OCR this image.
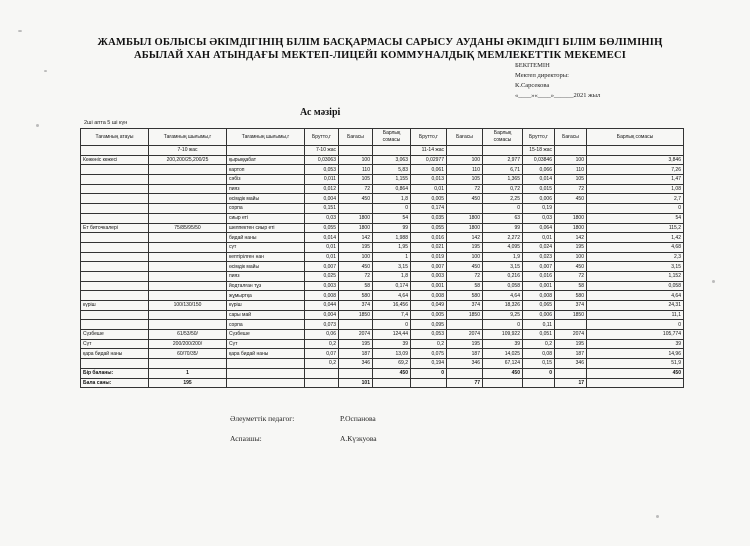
ЖАМБЫЛ ОБЛЫСЫ ӘКІМДІГІНІҢ БІЛІМ БАСҚАРМАСЫ САРЫСУ АУДАНЫ ӘКІМДІГІ БІЛІМ БӨЛІМІНІҢ
АБЫЛАЙ ХАН АТЫНДАҒЫ МЕКТЕП-ЛИЦЕЙІ КОММУНАЛДЫҚ МЕМЛЕКЕТТІК МЕКЕМЕСІ
БЕКІТЕМІН
Мектеп директоры:
К.Сарсекова
«____»«____»______2021 жыл
Ас мәзірі
2ші апта 5 ші күн
Тағамның атауы	Тағамның шығымы,г	Тағамның шығымы,г	Брутто,г	Бағасы	Барлық сомасы	Брутто,г	Бағасы	Барлық сомасы	Брутто,г	Бағасы	Барлық сомасы
	7-10 жас		7-10 жас			11-14 жас			15-18 жас		
Көжөніс көжесі	200,200/25,200/25	қырыққабат	0,03063	100	3,063	0,02977	100	2,977	0,03846	100	3,846
		картоп	0,053	110	5,83	0,061	110	6,71	0,066	110	7,26
		сәбіз	0,011	105	1,155	0,013	105	1,365	0,014	105	1,47
		пияз	0,012	72	0,864	0,01	72	0,72	0,015	72	1,08
		өсімдік майы	0,004	450	1,8	0,005	450	2,25	0,006	450	2,7
		сорпа	0,151		0	0,174		0	0,19		0
		сиыр еті	0,03	1800	54	0,035	1800	63	0,03	1800	54
Ет биточкалері	75/85/95/50	шелпектен сиыр еті	0,055	1800	99	0,055	1800	99	0,064	1800	115,2
		бидай наны	0,014	142	1,988	0,016	142	2,272	0,01	142	1,42
		сүт	0,01	195	1,95	0,021	195	4,095	0,024	195	4,68
		кептірілген нан	0,01	100	1	0,019	100	1,9	0,023	100	2,3
		өсімдік майы	0,007	450	3,15	0,007	450	3,15	0,007	450	3,15
		пияз	0,025	72	1,8	0,003	72	0,216	0,016	72	1,152
		йодталған тұз	0,003	58	0,174	0,001	58	0,058	0,001	58	0,058
		жұмыртқа	0,008	580	4,64	0,008	580	4,64	0,008	580	4,64
күріш	100/130/150	күріш	0,044	374	16,456	0,049	374	18,326	0,065	374	24,31
		сары май	0,004	1850	7,4	0,005	1850	9,25	0,006	1850	11,1
		сорпа	0,073		0	0,095		0	0,11		0
Сүзбеше	61/53/50/	Сүзбеше	0,06	2074	124,44	0,053	2074	109,922	0,051	2074	105,774
Сүт	200/200/200/	Сүт	0,2	195	39	0,2	195	39	0,2	195	39
қара бидай наны	60/70/35/	қара бидай наны	0,07	187	13,09	0,075	187	14,025	0,08	187	14,96
			0,2	346	69,2	0,194	346	67,124	0,15	346	51,9
Бір баланы:	1				450	0		450	0		450
Бала саны:	195			101			77			17	
Әлеуметтік педагог:	Р.Оспанова
Аспазшы:	А.Күзкуова
